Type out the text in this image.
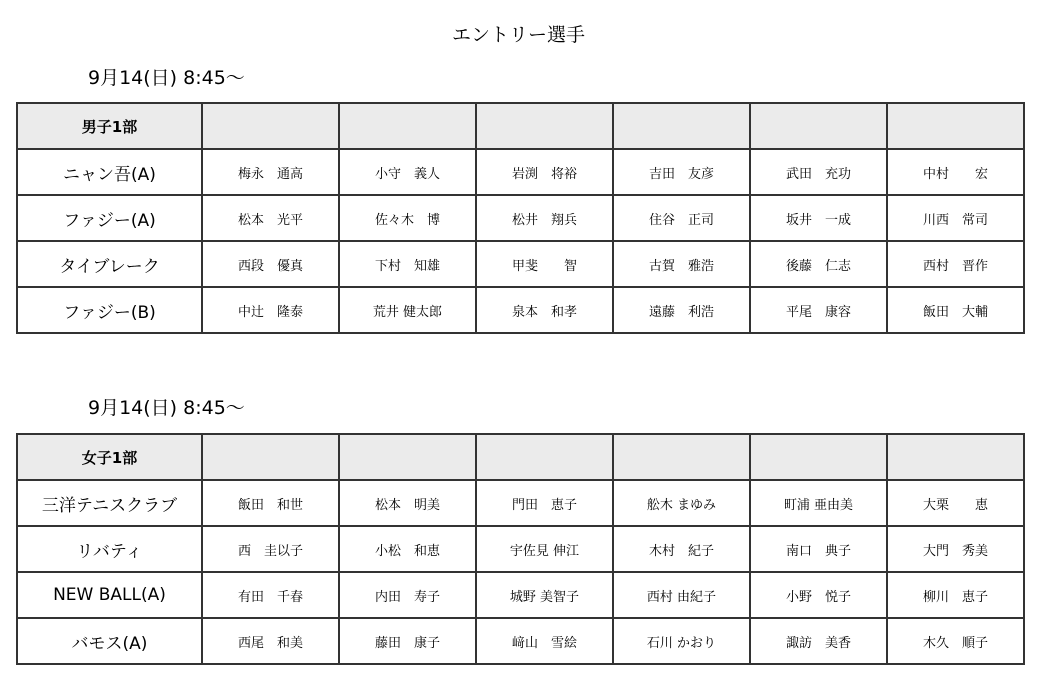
エントリー選手
9月14(日) 8:45～
男子1部						
ニャン吾(A)	梅永　通高	小守　義人	岩渕　将裕	吉田　友彦	武田　充功	中村　　宏
ファジー(A)	松本　光平	佐々木　博	松井　翔兵	住谷　正司	坂井　一成	川西　常司
タイブレーク	西段　優真	下村　知雄	甲斐　　智	古賀　雅浩	後藤　仁志	西村　晋作
ファジー(B)	中辻　隆泰	荒井 健太郎	泉本　和孝	遠藤　利浩	平尾　康容	飯田　大輔
9月14(日) 8:45～
女子1部						
三洋テニスクラブ	飯田　和世	松本　明美	門田　恵子	舩木 まゆみ	町浦 亜由美	大栗　　恵
リバティ	西　圭以子	小松　和恵	宇佐見 伸江	木村　紀子	南口　典子	大門　秀美
NEW BALL(A)	有田　千春	内田　寿子	城野 美智子	西村 由紀子	小野　悦子	柳川　恵子
バモス(A)	西尾　和美	藤田　康子	﨑山　雪絵	石川 かおり	諏訪　美香	木久　順子
